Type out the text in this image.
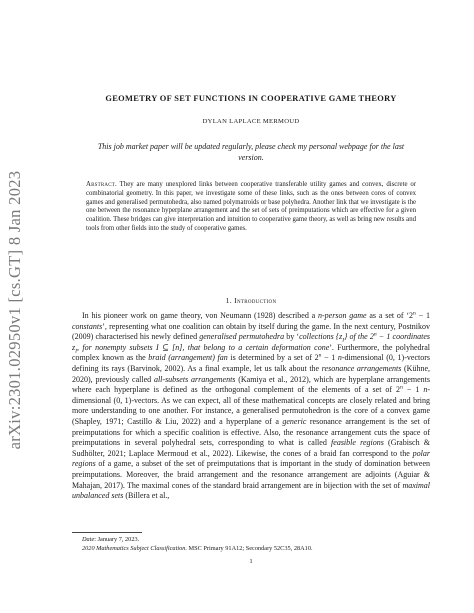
arXiv:2301.02950v1 [cs.GT] 8 Jan 2023
GEOMETRY OF SET FUNCTIONS IN COOPERATIVE GAME THEORY
DYLAN LAPLACE MERMOUD
This job market paper will be updated regularly, please check my personal webpage for the last version.
Abstract. They are many unexplored links between cooperative transferable utility games and convex, discrete or combinatorial geometry. In this paper, we investigate some of these links, such as the ones between cores of convex games and generalised permutohedra, also named polymatroids or base polyhedra. Another link that we investigate is the one between the resonance hyperplane arrangement and the set of sets of preimputations which are effective for a given coalition. These bridges can give interpretation and intuition to cooperative game theory, as well as bring new results and tools from other fields into the study of cooperative games.
1. Introduction
In his pioneer work on game theory, von Neumann (1928) described a n-person game as a set of ‘$2^n - 1$ constants’, representing what one coalition can obtain by itself during the game. In the next century, Postnikov (2009) characterised his newly defined generalised permutohedra by ‘collections $\{z_I\}$ of the $2^n - 1$ coordinates $z_I$, for nonempty subsets I ⊆ [n], that belong to a certain deformation cone’. Furthermore, the polyhedral complex known as the braid (arrangement) fan is determined by a set of $2^n - 1$ n-dimensional (0, 1)-vectors defining its rays (Barvinok, 2002). As a final example, let us talk about the resonance arrangements (Kühne, 2020), previously called all-subsets arrangements (Kamiya et al., 2012), which are hyperplane arrangements where each hyperplane is defined as the orthogonal complement of the elements of a set of $2^n - 1$ n-dimensional (0, 1)-vectors. As we can expect, all of these mathematical concepts are closely related and bring more understanding to one another. For instance, a generalised permutohedron is the core of a convex game (Shapley, 1971; Castillo & Liu, 2022) and a hyperplane of a generic resonance arrangement is the set of preimputations for which a specific coalition is effective. Also, the resonance arrangement cuts the space of preimputations in several polyhedral sets, corresponding to what is called feasible regions (Grabisch & Sudhölter, 2021; Laplace Mermoud et al., 2022). Likewise, the cones of a braid fan correspond to the polar regions of a game, a subset of the set of preimputations that is important in the study of domination between preimputations. Moreover, the braid arrangement and the resonance arrangement are adjoints (Aguiar & Mahajan, 2017). The maximal cones of the standard braid arrangement are in bijection with the set of maximal unbalanced sets (Billera et al.,
Date: January 7, 2023.
2020 Mathematics Subject Classification. MSC Primary 91A12; Secondary 52C35, 28A10.
1
